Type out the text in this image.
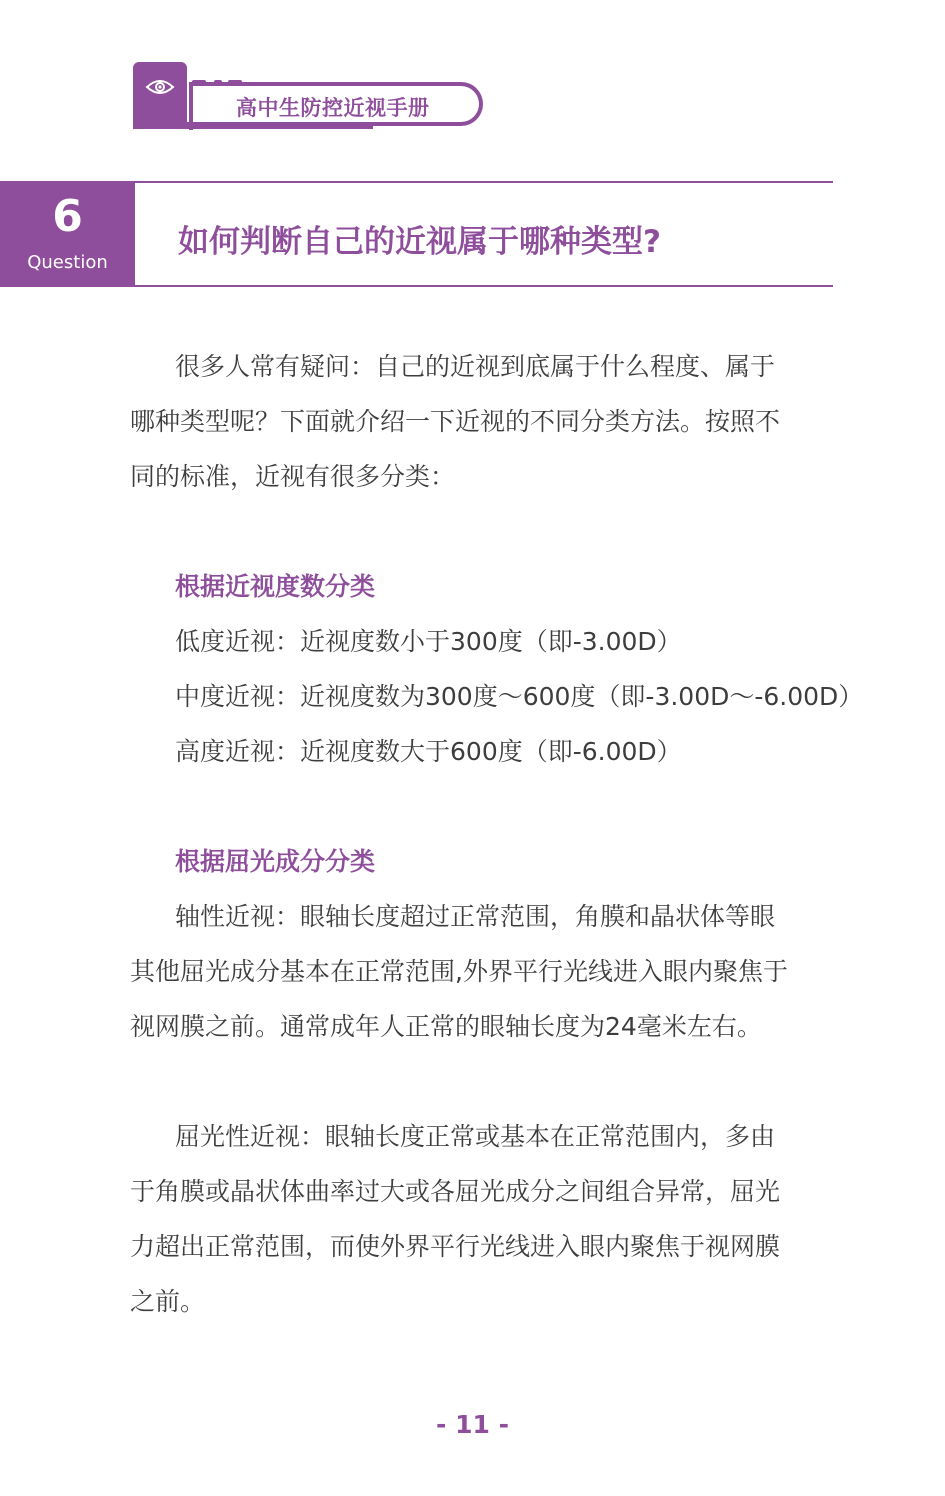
高中生防控近视手册
6
Question
如何判断自己的近视属于哪种类型?
很多人常有疑问：自己的近视到底属于什么程度、属于
哪种类型呢？下面就介绍一下近视的不同分类方法。按照不
同的标准，近视有很多分类：
根据近视度数分类
低度近视：近视度数小于300度（即-3.00D）
中度近视：近视度数为300度～600度（即-3.00D～-6.00D）
高度近视：近视度数大于600度（即-6.00D）
根据屈光成分分类
轴性近视：眼轴长度超过正常范围，角膜和晶状体等眼
其他屈光成分基本在正常范围,外界平行光线进入眼内聚焦于
视网膜之前。通常成年人正常的眼轴长度为24毫米左右。
屈光性近视：眼轴长度正常或基本在正常范围内，多由
于角膜或晶状体曲率过大或各屈光成分之间组合异常，屈光
力超出正常范围，而使外界平行光线进入眼内聚焦于视网膜
之前。
- 11 -
